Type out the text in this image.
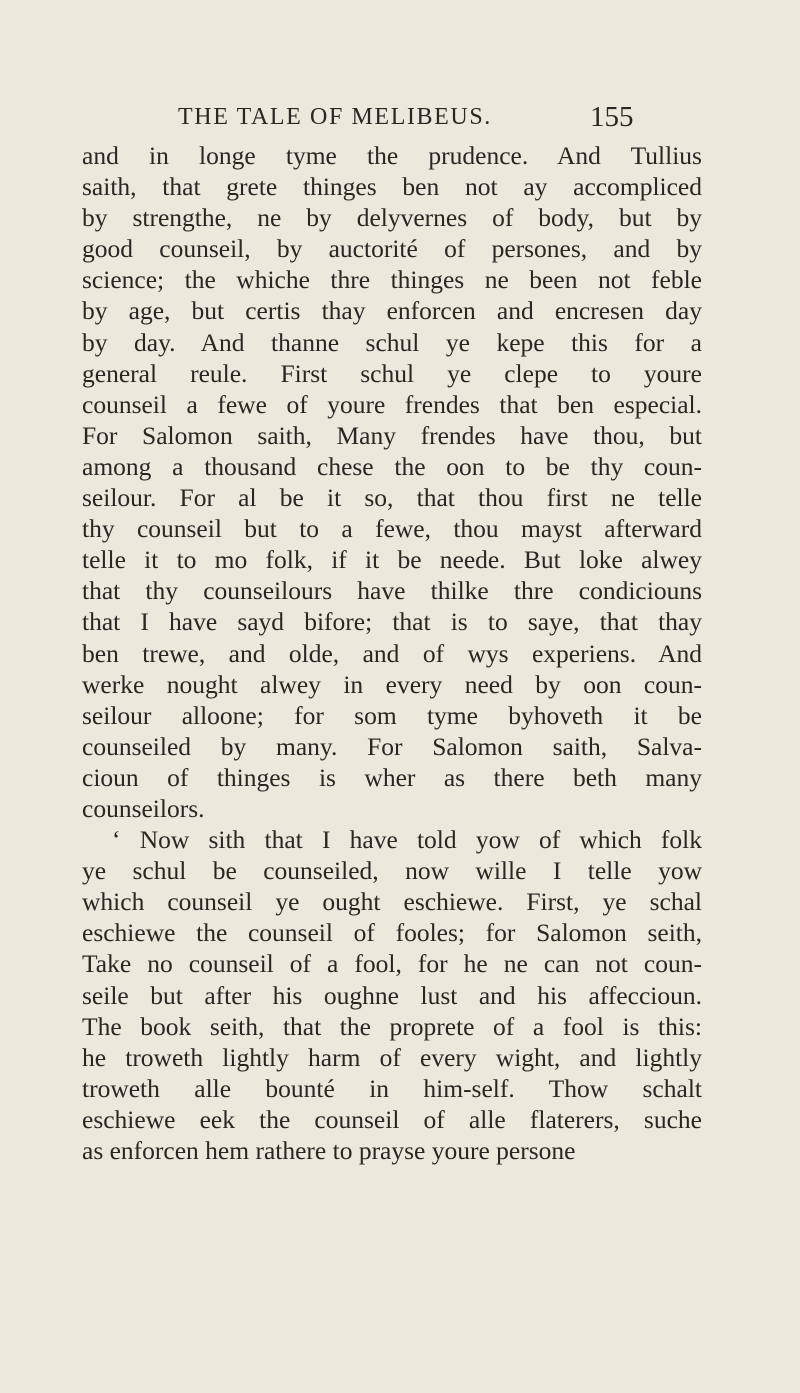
THE TALE OF MELIBEUS.	155
and in longe tyme the prudence. And Tullius
saith, that grete thinges ben not ay accompliced
by strengthe, ne by delyvernes of body, but by
good counseil, by auctorité of persones, and by
science; the whiche thre thinges ne been not feble
by age, but certis thay enforcen and encresen day
by day. And thanne schul ye kepe this for a
general reule. First schul ye clepe to youre
counseil a fewe of youre frendes that ben especial.
For Salomon saith, Many frendes have thou, but
among a thousand chese the oon to be thy coun-
seilour. For al be it so, that thou first ne telle
thy counseil but to a fewe, thou mayst afterward
telle it to mo folk, if it be neede. But loke alwey
that thy counseilours have thilke thre condiciouns
that I have sayd bifore; that is to saye, that thay
ben trewe, and olde, and of wys experiens. And
werke nought alwey in every need by oon coun-
seilour alloone; for som tyme byhoveth it be
counseiled by many. For Salomon saith, Salva-
cioun of thinges is wher as there beth many
counseilors.
‘ Now sith that I have told yow of which folk
ye schul be counseiled, now wille I telle yow
which counseil ye ought eschiewe. First, ye schal
eschiewe the counseil of fooles; for Salomon seith,
Take no counseil of a fool, for he ne can not coun-
seile but after his oughne lust and his affeccioun.
The book seith, that the proprete of a fool is this:
he troweth lightly harm of every wight, and lightly
troweth alle bounté in him-self. Thow schalt
eschiewe eek the counseil of alle flaterers, suche
as enforcen hem rathere to prayse youre persone
